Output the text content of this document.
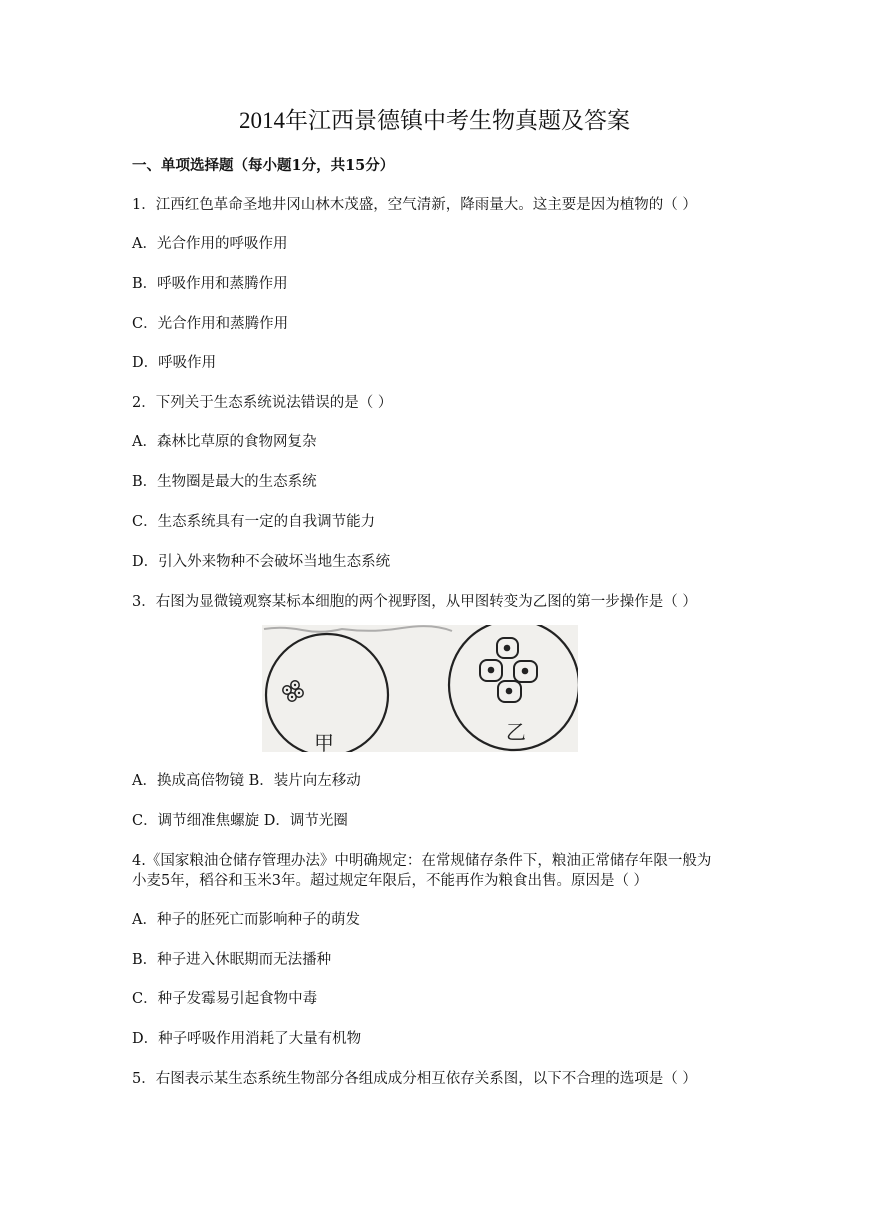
2014年江西景德镇中考生物真题及答案
一、单项选择题（每小题1分，共15分）
1．江西红色革命圣地井冈山林木茂盛，空气清新，降雨量大。这主要是因为植物的（ ）
A．光合作用的呼吸作用
B．呼吸作用和蒸腾作用
C．光合作用和蒸腾作用
D．呼吸作用
2．下列关于生态系统说法错误的是（ ）
A．森林比草原的食物网复杂
B．生物圈是最大的生态系统
C．生态系统具有一定的自我调节能力
D．引入外来物种不会破坏当地生态系统
3．右图为显微镜观察某标本细胞的两个视野图，从甲图转变为乙图的第一步操作是（ ）
甲	乙
A．换成高倍物镜 B．装片向左移动
C．调节细准焦螺旋 D．调节光圈
4.《国家粮油仓储存管理办法》中明确规定：在常规储存条件下，粮油正常储存年限一般为
小麦5年，稻谷和玉米3年。超过规定年限后，不能再作为粮食出售。原因是（ ）
A．种子的胚死亡而影响种子的萌发
B．种子进入休眠期而无法播种
C．种子发霉易引起食物中毒
D．种子呼吸作用消耗了大量有机物
5．右图表示某生态系统生物部分各组成成分相互依存关系图，以下不合理的选项是（ ）
